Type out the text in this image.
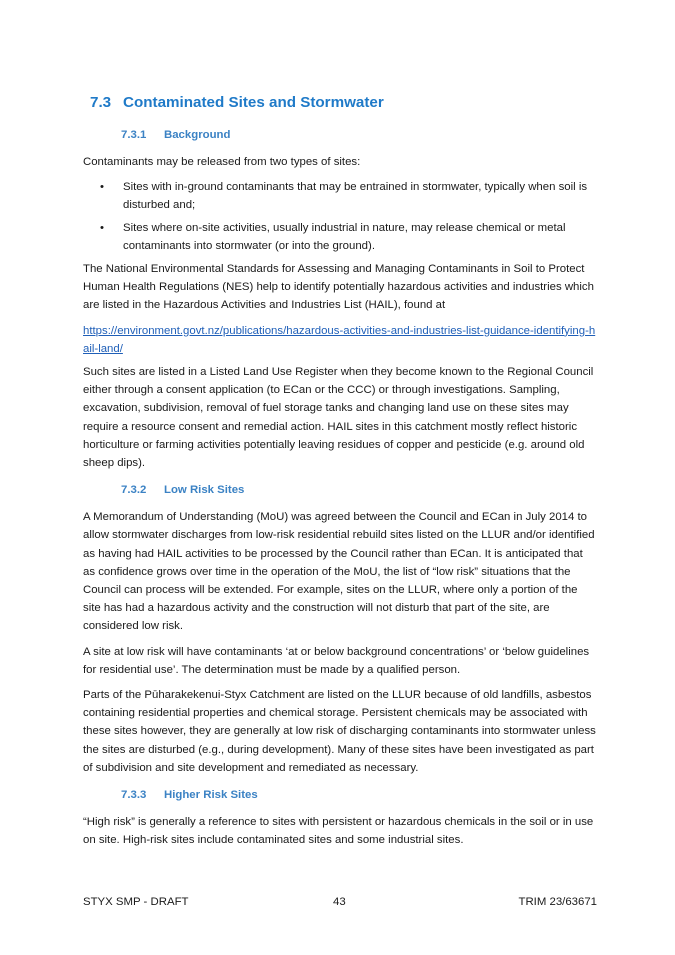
7.3 Contaminated Sites and Stormwater
7.3.1 Background

Contaminants may be released from two types of sites:

• Sites with in-ground contaminants that may be entrained in stormwater, typically when soil is disturbed and;
• Sites where on-site activities, usually industrial in nature, may release chemical or metal contaminants into stormwater (or into the ground).

The National Environmental Standards for Assessing and Managing Contaminants in Soil to Protect Human Health Regulations (NES) help to identify potentially hazardous activities and industries which are listed in the Hazardous Activities and Industries List (HAIL), found at

https://environment.govt.nz/publications/hazardous-activities-and-industries-list-guidance-identifying-hail-land/

Such sites are listed in a Listed Land Use Register when they become known to the Regional Council either through a consent application (to ECan or the CCC) or through investigations. Sampling, excavation, subdivision, removal of fuel storage tanks and changing land use on these sites may require a resource consent and remedial action. HAIL sites in this catchment mostly reflect historic horticulture or farming activities potentially leaving residues of copper and pesticide (e.g. around old sheep dips).

7.3.2 Low Risk Sites

A Memorandum of Understanding (MoU) was agreed between the Council and ECan in July 2014 to allow stormwater discharges from low-risk residential rebuild sites listed on the LLUR and/or identified as having had HAIL activities to be processed by the Council rather than ECan. It is anticipated that as confidence grows over time in the operation of the MoU, the list of “low risk” situations that the Council can process will be extended. For example, sites on the LLUR, where only a portion of the site has had a hazardous activity and the construction will not disturb that part of the site, are considered low risk.

A site at low risk will have contaminants ‘at or below background concentrations’ or ‘below guidelines for residential use’. The determination must be made by a qualified person.

Parts of the Pūharakekenui-Styx Catchment are listed on the LLUR because of old landfills, asbestos containing residential properties and chemical storage. Persistent chemicals may be associated with these sites however, they are generally at low risk of discharging contaminants into stormwater unless the sites are disturbed (e.g., during development). Many of these sites have been investigated as part of subdivision and site development and remediated as necessary.

7.3.3 Higher Risk Sites

“High risk” is generally a reference to sites with persistent or hazardous chemicals in the soil or in use on site. High-risk sites include contaminated sites and some industrial sites.

STYX SMP - DRAFT	43	TRIM 23/63671
